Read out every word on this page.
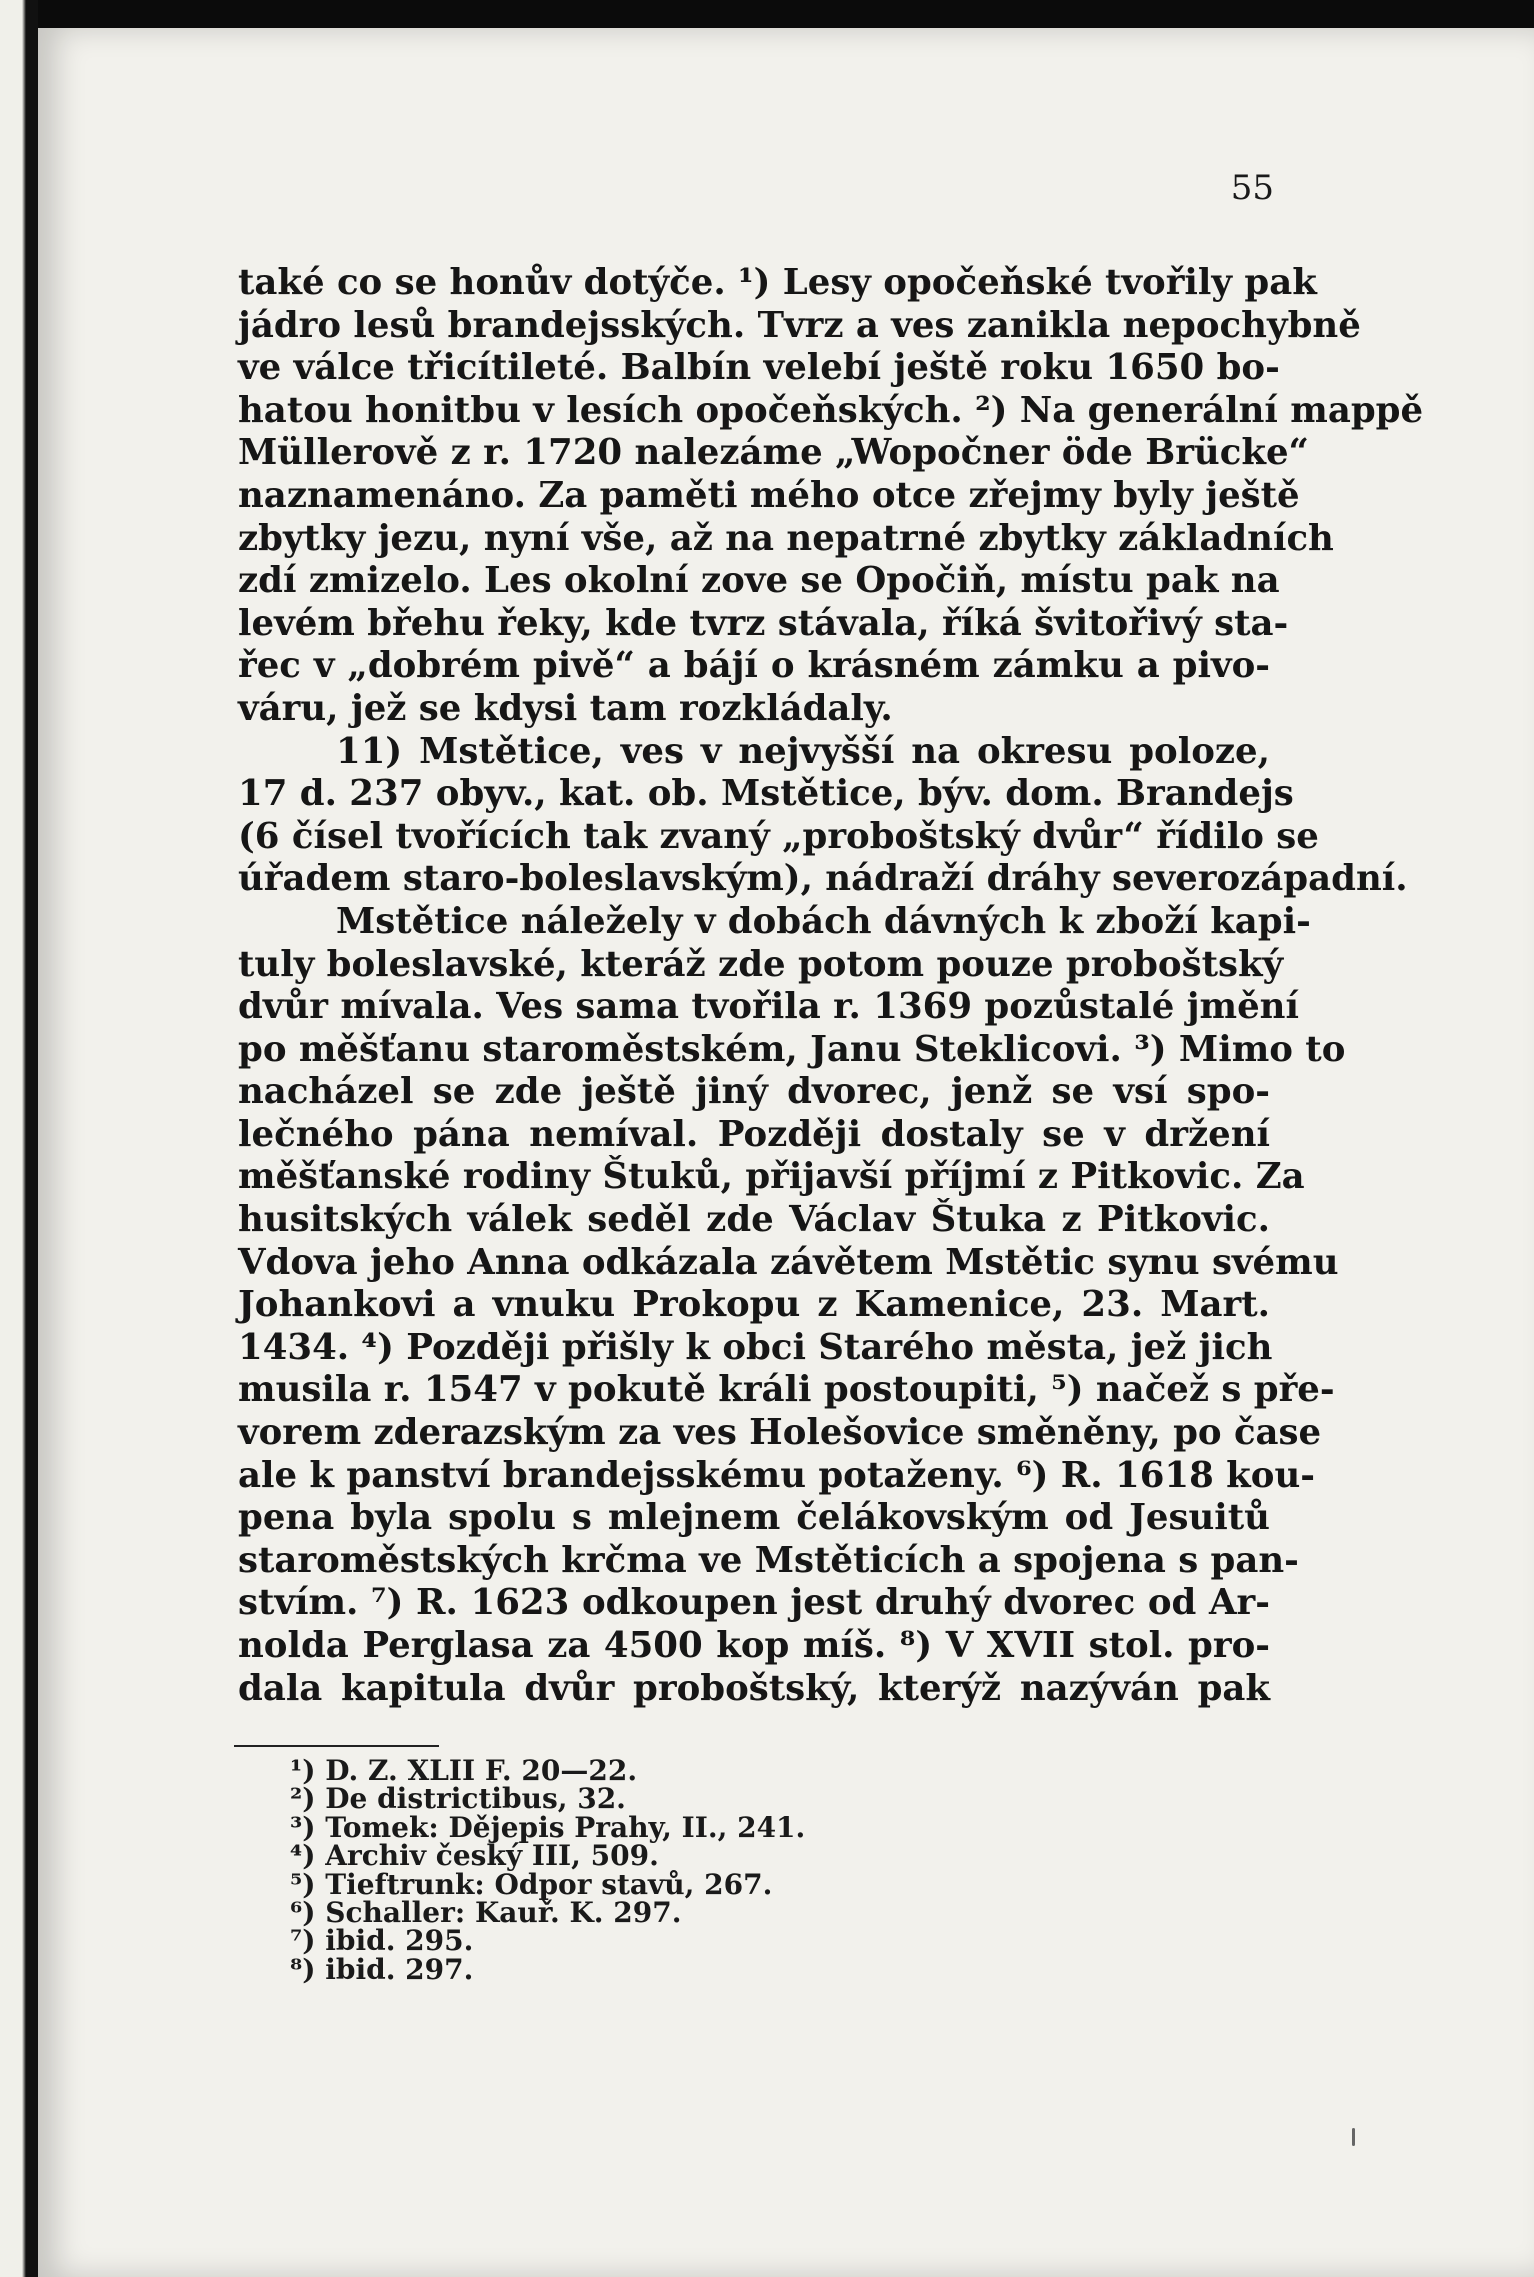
55
také co se honův dotýče. ¹) Lesy opočeňské tvořily pak
jádro lesů brandejsských. Tvrz a ves zanikla nepochybně
ve válce třicítileté. Balbín velebí ještě roku 1650 bo-
hatou honitbu v lesích opočeňských. ²) Na generální mappě
Müllerově z r. 1720 nalezáme „Wopočner öde Brücke“
naznamenáno. Za paměti mého otce zřejmy byly ještě
zbytky jezu, nyní vše, až na nepatrné zbytky základních
zdí zmizelo. Les okolní zove se Opočiň, místu pak na
levém břehu řeky, kde tvrz stávala, říká švitořivý sta-
řec v „dobrém pivě“ a bájí o krásném zámku a pivo-
váru, jež se kdysi tam rozkládaly.
11) Mstětice, ves v nejvyšší na okresu poloze,
17 d. 237 obyv., kat. ob. Mstětice, býv. dom. Brandejs
(6 čísel tvořících tak zvaný „proboštský dvůr“ řídilo se
úřadem staro-boleslavským), nádraží dráhy severozápadní.
Mstětice náležely v dobách dávných k zboží kapi-
tuly boleslavské, kteráž zde potom pouze proboštský
dvůr mívala. Ves sama tvořila r. 1369 pozůstalé jmění
po měšťanu staroměstském, Janu Steklicovi. ³) Mimo to
nacházel se zde ještě jiný dvorec, jenž se vsí spo-
lečného pána nemíval. Později dostaly se v držení
měšťanské rodiny Štuků, přijavší příjmí z Pitkovic. Za
husitských válek seděl zde Václav Štuka z Pitkovic.
Vdova jeho Anna odkázala závětem Mstětic synu svému
Johankovi a vnuku Prokopu z Kamenice, 23. Mart.
1434. ⁴) Později přišly k obci Starého města, jež jich
musila r. 1547 v pokutě králi postoupiti, ⁵) načež s pře-
vorem zderazským za ves Holešovice směněny, po čase
ale k panství brandejsskému potaženy. ⁶) R. 1618 kou-
pena byla spolu s mlejnem čelákovským od Jesuitů
staroměstských krčma ve Mstěticích a spojena s pan-
stvím. ⁷) R. 1623 odkoupen jest druhý dvorec od Ar-
nolda Perglasa za 4500 kop míš. ⁸) V XVII stol. pro-
dala kapitula dvůr proboštský, kterýž nazýván pak
¹) D. Z. XLII F. 20—22.
²) De districtibus, 32.
³) Tomek: Dějepis Prahy, II., 241.
⁴) Archiv český III, 509.
⁵) Tieftrunk: Odpor stavů, 267.
⁶) Schaller: Kauř. K. 297.
⁷) ibid. 295.
⁸) ibid. 297.
